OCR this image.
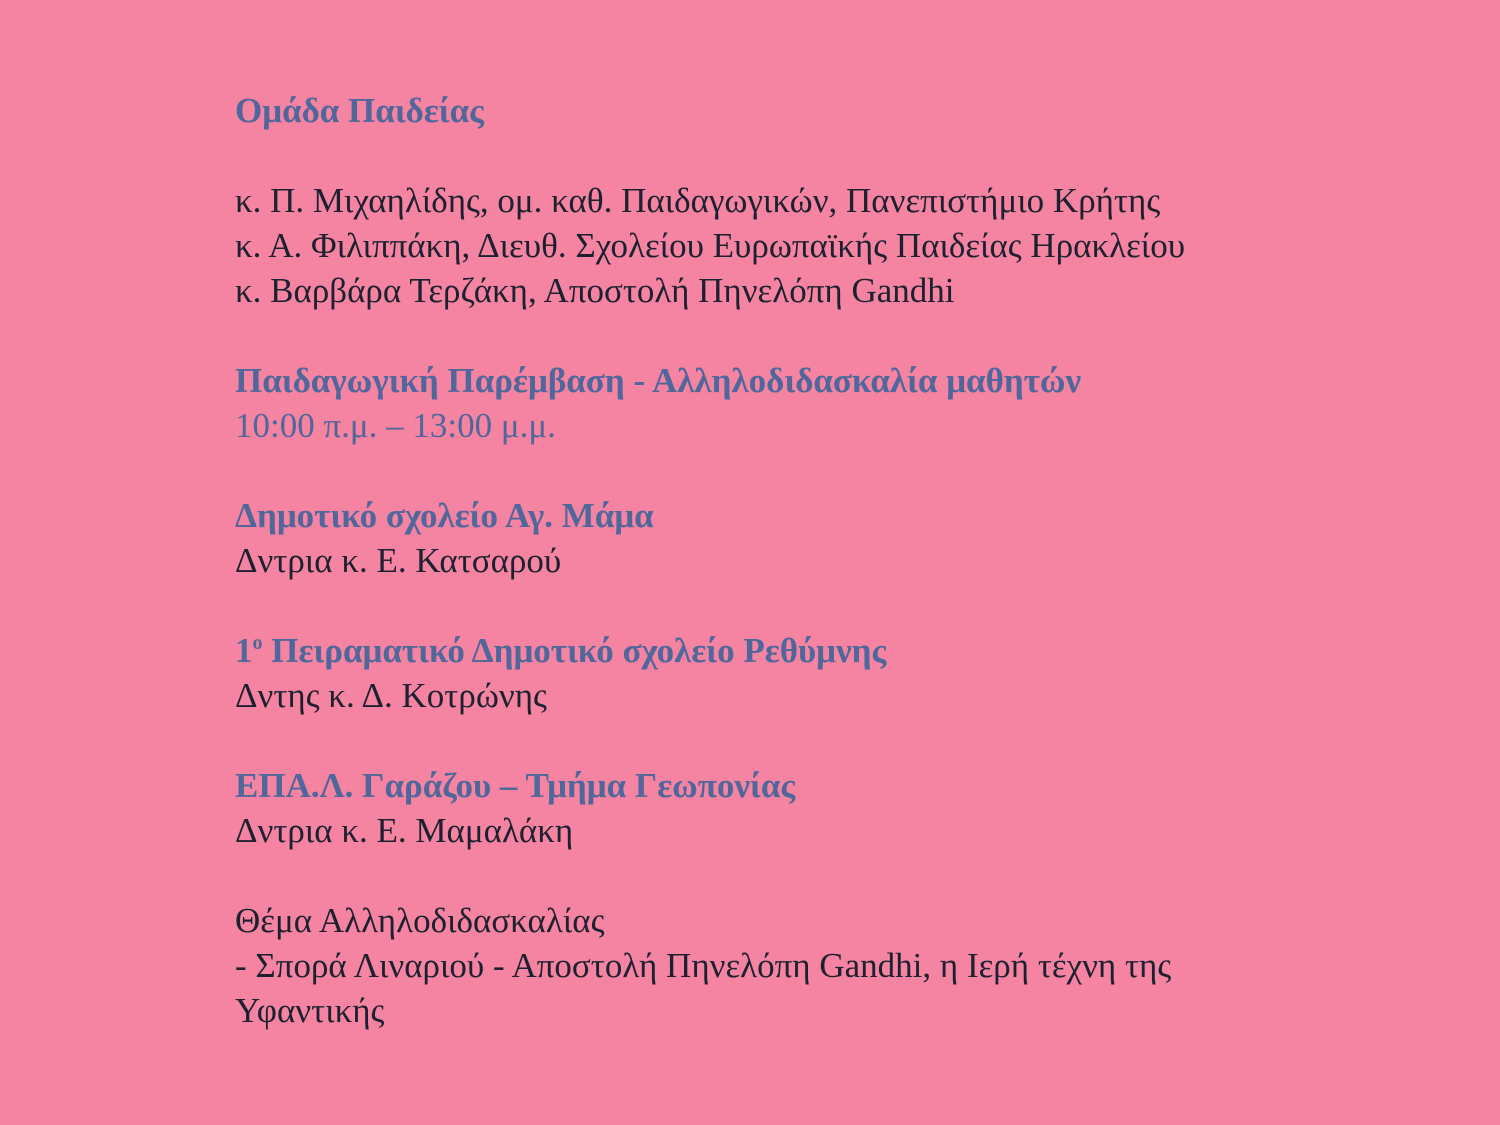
Ομάδα Παιδείας
κ. Π. Μιχαηλίδης, ομ. καθ. Παιδαγωγικών, Πανεπιστήμιο Κρήτης
κ. Α. Φιλιππάκη, Διευθ. Σχολείου Ευρωπαϊκής Παιδείας Ηρακλείου
κ. Βαρβάρα Τερζάκη, Αποστολή Πηνελόπη Gandhi
Παιδαγωγική Παρέμβαση - Αλληλοδιδασκαλία μαθητών
10:00 π.μ. – 13:00 μ.μ.
Δημοτικό σχολείο Αγ. Μάμα
Δντρια κ. Ε. Κατσαρού
$1^o$ Πειραματικό Δημοτικό σχολείο Ρεθύμνης
Δντης κ. Δ. Κοτρώνης
ΕΠΑ.Λ. Γαράζου – Τμήμα Γεωπονίας
Δντρια κ. Ε. Μαμαλάκη
Θέμα Αλληλοδιδασκαλίας
- Σπορά Λιναριού - Αποστολή Πηνελόπη Gandhi, η Ιερή τέχνη της Υφαντικής
